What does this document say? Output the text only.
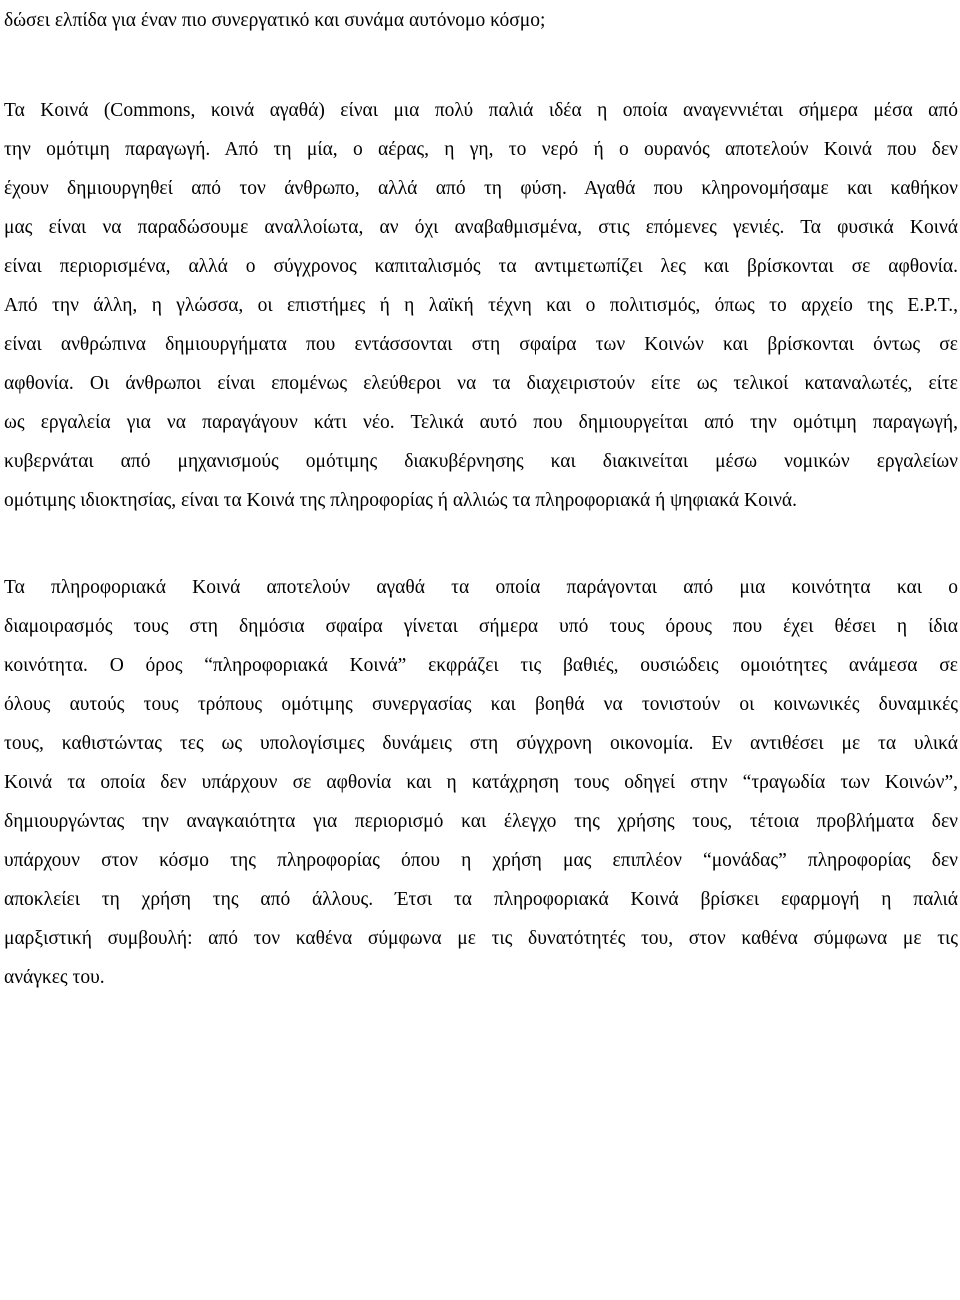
δώσει ελπίδα για έναν πιο συνεργατικό και συνάμα αυτόνομο κόσμο;
Τα Κοινά (Commons, κοινά αγαθά) είναι μια πολύ παλιά ιδέα η οποία αναγεννιέται σήμερα μέσα από
την ομότιμη παραγωγή. Από τη μία, ο αέρας, η γη, το νερό ή ο ουρανός αποτελούν Κοινά που δεν
έχουν δημιουργηθεί από τον άνθρωπο, αλλά από τη φύση. Αγαθά που κληρονομήσαμε και καθήκον
μας είναι να παραδώσουμε αναλλοίωτα, αν όχι αναβαθμισμένα, στις επόμενες γενιές. Τα φυσικά Κοινά
είναι περιορισμένα, αλλά ο σύγχρονος καπιταλισμός τα αντιμετωπίζει λες και βρίσκονται σε αφθονία.
Από την άλλη, η γλώσσα, οι επιστήμες ή η λαϊκή τέχνη και ο πολιτισμός, όπως το αρχείο της Ε.Ρ.Τ.,
είναι ανθρώπινα δημιουργήματα που εντάσσονται στη σφαίρα των Κοινών και βρίσκονται όντως σε
αφθονία. Οι άνθρωποι είναι επομένως ελεύθεροι να τα διαχειριστούν είτε ως τελικοί καταναλωτές, είτε
ως εργαλεία για να παραγάγουν κάτι νέο. Τελικά αυτό που δημιουργείται από την ομότιμη παραγωγή,
κυβερνάται από μηχανισμούς ομότιμης διακυβέρνησης και διακινείται μέσω νομικών εργαλείων
ομότιμης ιδιοκτησίας, είναι τα Κοινά της πληροφορίας ή αλλιώς τα πληροφοριακά ή ψηφιακά Κοινά.
Τα πληροφοριακά Κοινά αποτελούν αγαθά τα οποία παράγονται από μια κοινότητα και ο
διαμοιρασμός τους στη δημόσια σφαίρα γίνεται σήμερα υπό τους όρους που έχει θέσει η ίδια
κοινότητα. Ο όρος “πληροφοριακά Κοινά” εκφράζει τις βαθιές, ουσιώδεις ομοιότητες ανάμεσα σε
όλους αυτούς τους τρόπους ομότιμης συνεργασίας και βοηθά να τονιστούν οι κοινωνικές δυναμικές
τους, καθιστώντας τες ως υπολογίσιμες δυνάμεις στη σύγχρονη οικονομία. Εν αντιθέσει με τα υλικά
Κοινά τα οποία δεν υπάρχουν σε αφθονία και η κατάχρηση τους οδηγεί στην “τραγωδία των Κοινών”,
δημιουργώντας την αναγκαιότητα για περιορισμό και έλεγχο της χρήσης τους, τέτοια προβλήματα δεν
υπάρχουν στον κόσμο της πληροφορίας όπου η χρήση μας επιπλέον “μονάδας” πληροφορίας δεν
αποκλείει τη χρήση της από άλλους. Έτσι τα πληροφοριακά Κοινά βρίσκει εφαρμογή η παλιά
μαρξιστική συμβουλή: από τον καθένα σύμφωνα με τις δυνατότητές του, στον καθένα σύμφωνα με τις
ανάγκες του.
